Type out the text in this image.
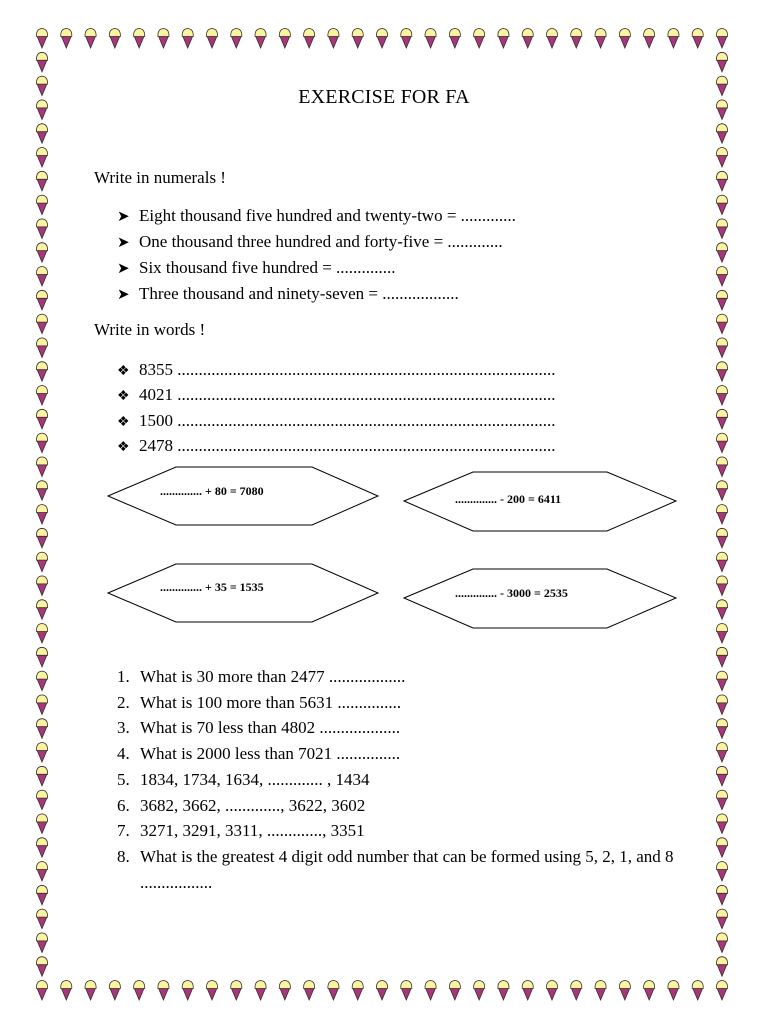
EXERCISE FOR FA
Write in numerals !
➤ Eight thousand five hundred and twenty-two = .............
➤ One thousand three hundred and forty-five = .............
➤ Six thousand five hundred = ..............
➤ Three thousand and ninety-seven = ..................
Write in words !
❖ 8355 .........................................................................................
❖ 4021 .........................................................................................
❖ 1500 .........................................................................................
❖ 2478 .........................................................................................
.............. + 80 = 7080
.............. - 200 = 6411
.............. + 35 = 1535	.............. - 3000 = 2535
1. What is 30 more than 2477 ..................
2. What is 100 more than 5631 ...............
3. What is 70 less than 4802 ...................
4. What is 2000 less than 7021 ...............
5. 1834, 1734, 1634, ............. , 1434
6. 3682, 3662, ............., 3622, 3602
7. 3271, 3291, 3311, ............., 3351
8. What is the greatest 4 digit odd number that can be formed using 5, 2, 1, and 8 .................
